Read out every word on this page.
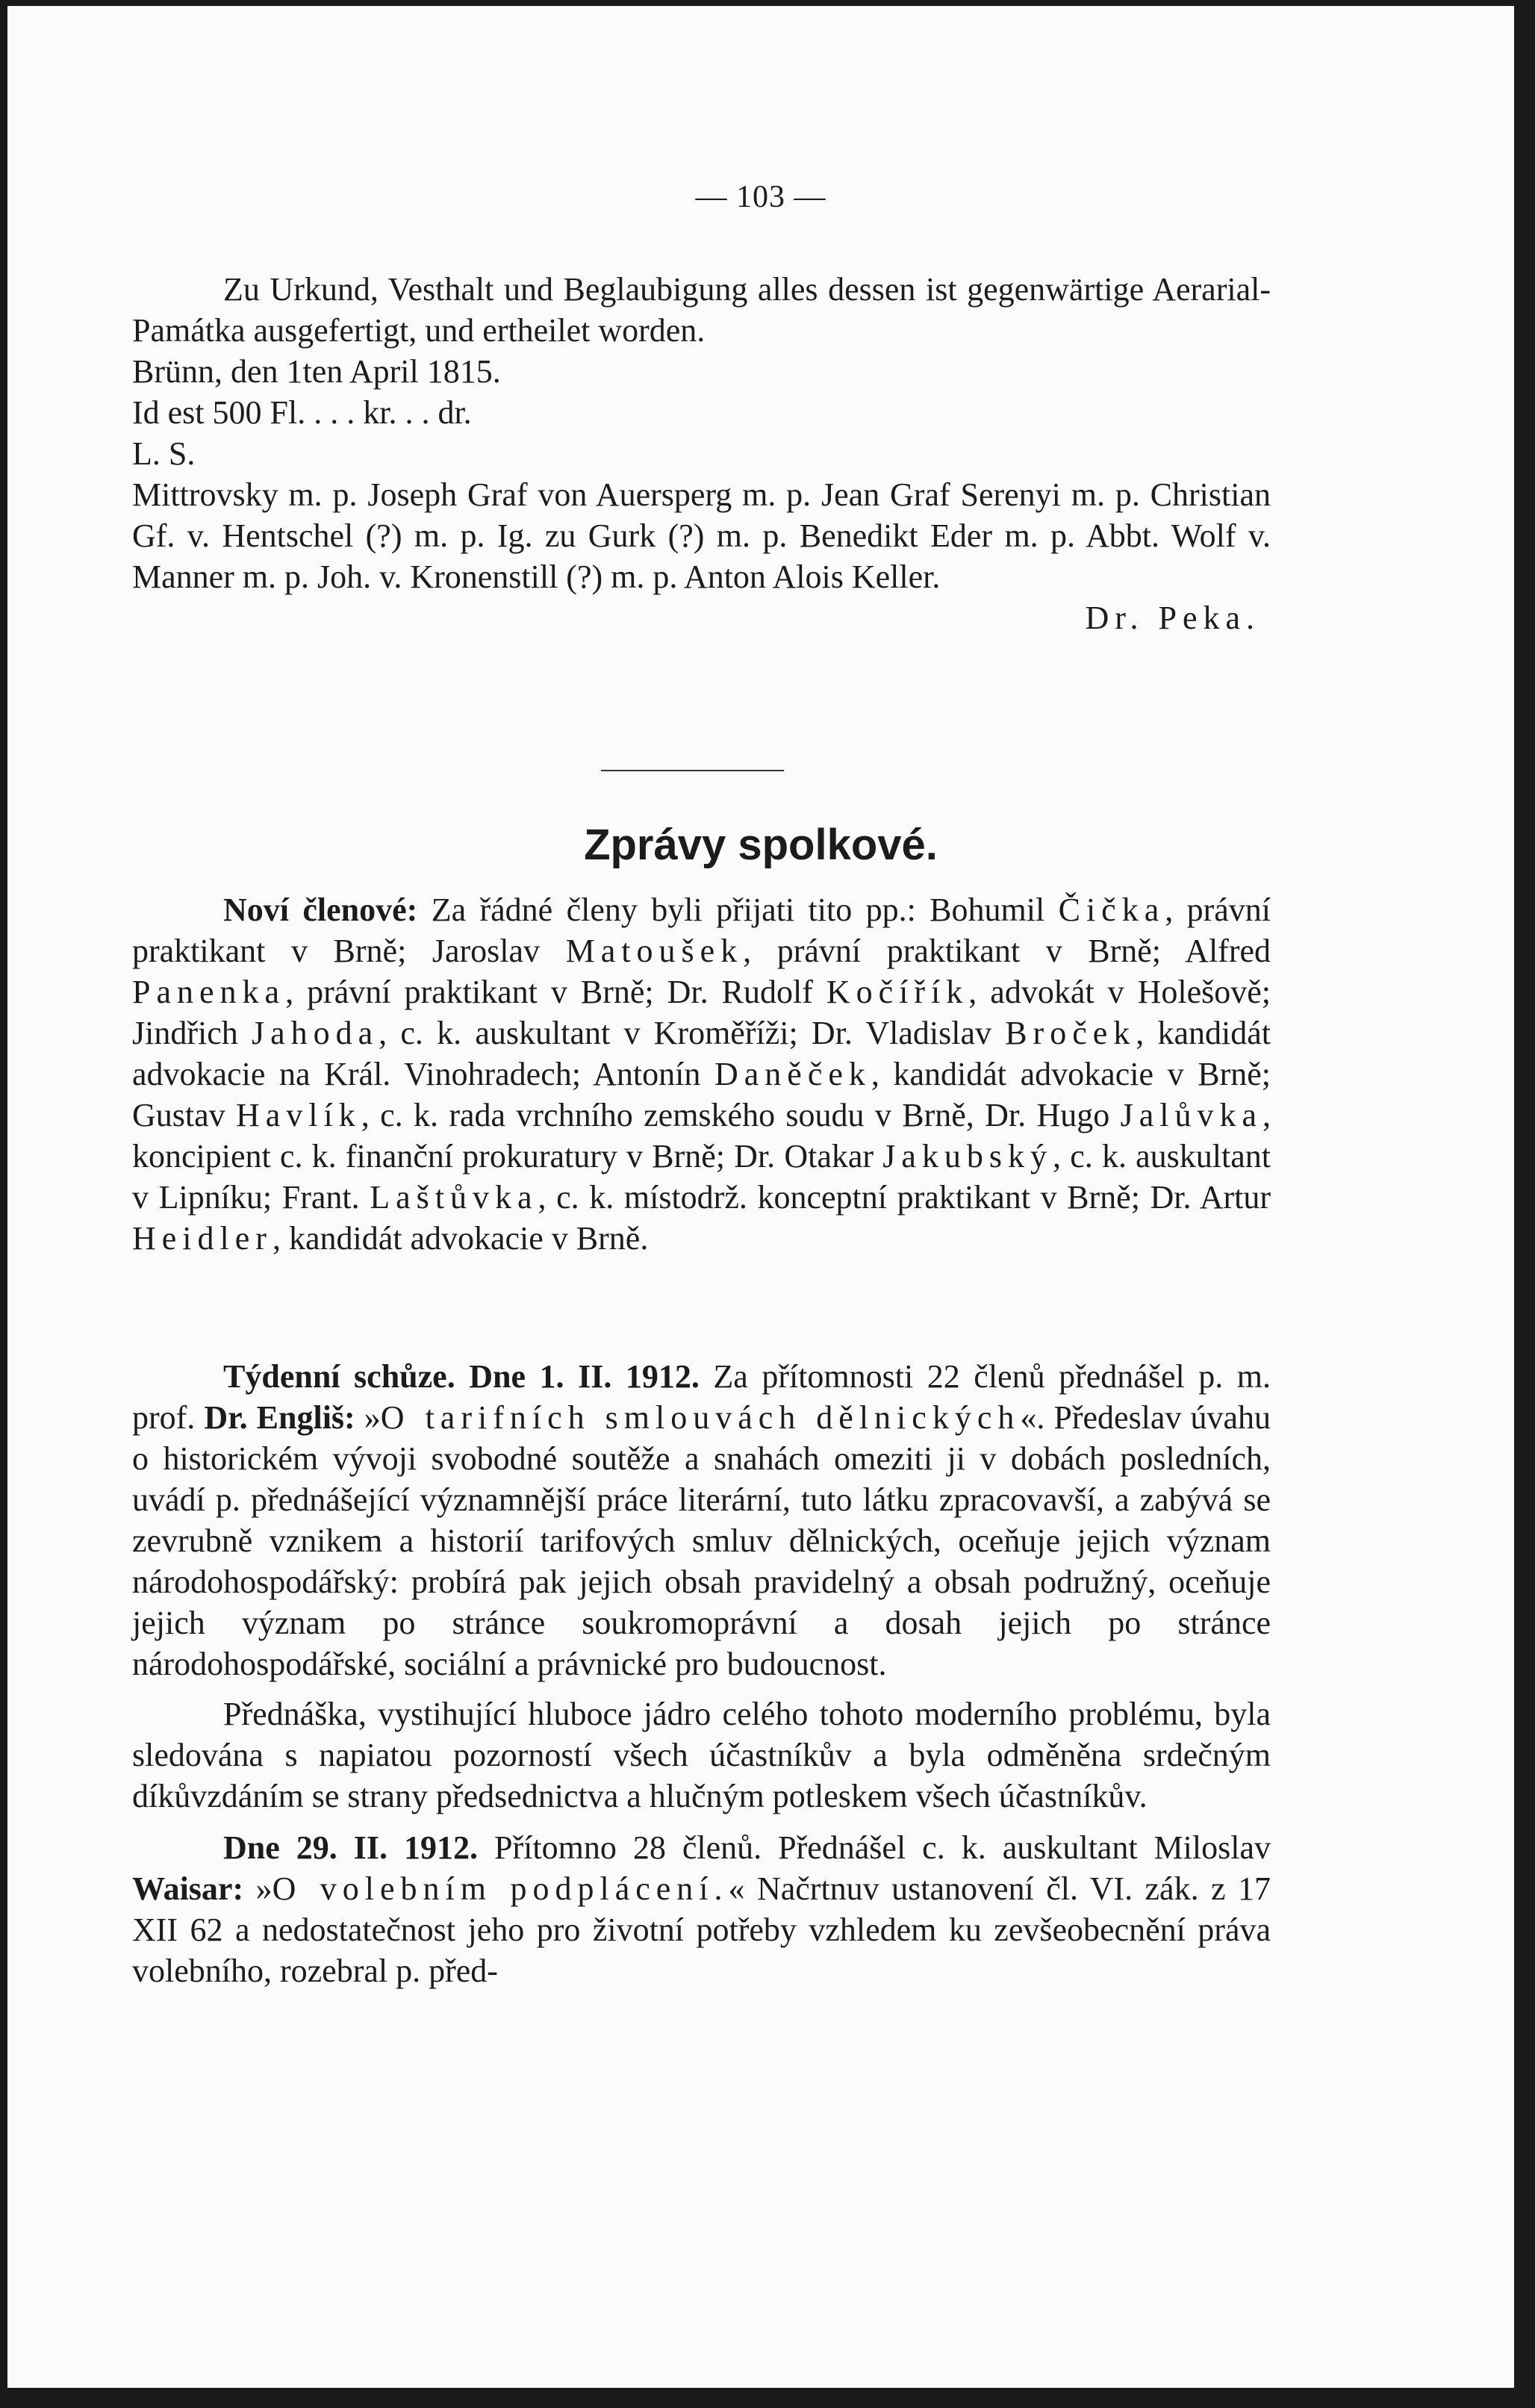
— 103 —

Zu Urkund, Vesthalt und Beglaubigung alles dessen ist gegenwärtige Aerarial-Památka ausgefertigt, und ertheilet worden.

Brünn, den 1ten April 1815.

Id est 500 Fl. . . . kr. . . dr.

L. S.

Mittrovsky m. p. Joseph Graf von Auersperg m. p. Jean Graf Serenyi m. p. Christian Gf. v. Hentschel (?) m. p. Ig. zu Gurk (?) m. p. Benedikt Eder m. p. Abbt. Wolf v. Manner m. p. Joh. v. Kronenstill (?) m. p. Anton Alois Keller.

Dr. Peka.

Zprávy spolkové.

Noví členové: Za řádné členy byli přijati tito pp.: Bohumil Čička, právní praktikant v Brně; Jaroslav Matoušek, právní praktikant v Brně; Alfred Panenka, právní praktikant v Brně; Dr. Rudolf Kočířík, advokát v Holešově; Jindřich Jahoda, c. k. auskultant v Kroměříži; Dr. Vladislav Broček, kandidát advokacie na Král. Vinohradech; Antonín Daněček, kandidát advokacie v Brně; Gustav Havlík, c. k. rada vrchního zemského soudu v Brně, Dr. Hugo Jalůvka, koncipient c. k. finanční prokuratury v Brně; Dr. Otakar Jakubský, c. k. auskultant v Lipníku; Frant. Laštůvka, c. k. místodrž. konceptní praktikant v Brně; Dr. Artur Heidler, kandidát advokacie v Brně.

Týdenní schůze. Dne 1. II. 1912. Za přítomnosti 22 členů přednášel p. m. prof. Dr. Engliš: »O tarifních smlouvách dělnických«. Předeslav úvahu o historickém vývoji svobodné soutěže a snahách omeziti ji v dobách posledních, uvádí p. přednášející významnější práce literární, tuto látku zpracovavší, a zabývá se zevrubně vznikem a historií tarifových smluv dělnických, oceňuje jejich význam národohospodářský: probírá pak jejich obsah pravidelný a obsah podružný, oceňuje jejich význam po stránce soukromoprávní a dosah jejich po stránce národohospodářské, sociální a právnické pro budoucnost.

Přednáška, vystihující hluboce jádro celého tohoto moderního problému, byla sledována s napiatou pozorností všech účastníkův a byla odměněna srdečným díkůvzdáním se strany předsednictva a hlučným potleskem všech účastníkův.

Dne 29. II. 1912. Přítomno 28 členů. Přednášel c. k. auskultant Miloslav Waisar: »O volebním podplácení.« Načrtnuv ustanovení čl. VI. zák. z 17 XII 62 a nedostatečnost jeho pro životní potřeby vzhledem ku zevšeobecnění práva volebního, rozebral p. před-
